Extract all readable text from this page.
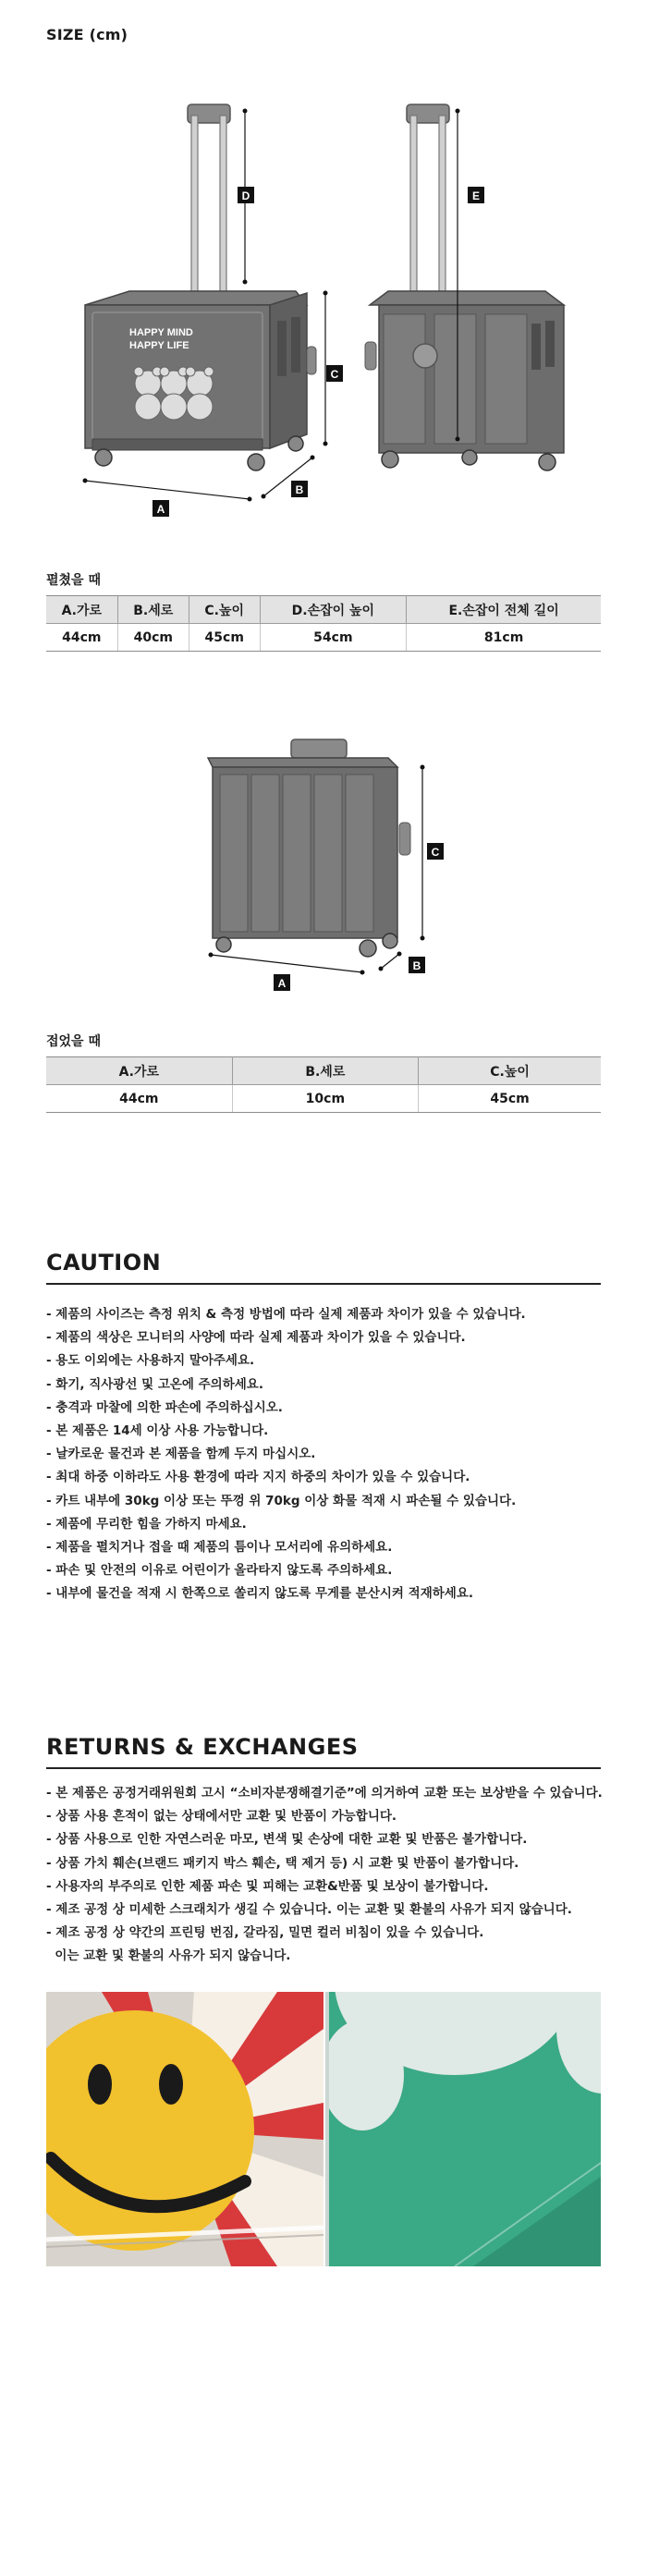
SIZE (cm)
HAPPY MIND
HAPPY LIFE
D
C
A
B
E
펼쳤을 때
A.가로	B.세로	C.높이	D.손잡이 높이	E.손잡이 전체 길이
44cm	40cm	45cm	54cm	81cm
C
A
B
접었을 때
A.가로	B.세로	C.높이
44cm	10cm	45cm
CAUTION
- 제품의 사이즈는 측정 위치 & 측정 방법에 따라 실제 제품과 차이가 있을 수 있습니다.
- 제품의 색상은 모니터의 사양에 따라 실제 제품과 차이가 있을 수 있습니다.
- 용도 이외에는 사용하지 말아주세요.
- 화기, 직사광선 및 고온에 주의하세요.
- 충격과 마찰에 의한 파손에 주의하십시오.
- 본 제품은 14세 이상 사용 가능합니다.
- 날카로운 물건과 본 제품을 함께 두지 마십시오.
- 최대 하중 이하라도 사용 환경에 따라 지지 하중의 차이가 있을 수 있습니다.
- 카트 내부에 30kg 이상 또는 뚜껑 위 70kg 이상 화물 적재 시 파손될 수 있습니다.
- 제품에 무리한 힘을 가하지 마세요.
- 제품을 펼치거나 접을 때 제품의 틈이나 모서리에 유의하세요.
- 파손 및 안전의 이유로 어린이가 올라타지 않도록 주의하세요.
- 내부에 물건을 적재 시 한쪽으로 쏠리지 않도록 무게를 분산시켜 적재하세요.
RETURNS & EXCHANGES
- 본 제품은 공정거래위원회 고시 “소비자분쟁해결기준”에 의거하여 교환 또는 보상받을 수 있습니다.
- 상품 사용 흔적이 없는 상태에서만 교환 및 반품이 가능합니다.
- 상품 사용으로 인한 자연스러운 마모, 변색 및 손상에 대한 교환 및 반품은 불가합니다.
- 상품 가치 훼손(브랜드 패키지 박스 훼손, 택 제거 등) 시 교환 및 반품이 불가합니다.
- 사용자의 부주의로 인한 제품 파손 및 피해는 교환&반품 및 보상이 불가합니다.
- 제조 공정 상 미세한 스크래치가 생길 수 있습니다. 이는 교환 및 환불의 사유가 되지 않습니다.
- 제조 공정 상 약간의 프린팅 번짐, 갈라짐, 밀면 컬러 비침이 있을 수 있습니다.
이는 교환 및 환불의 사유가 되지 않습니다.
